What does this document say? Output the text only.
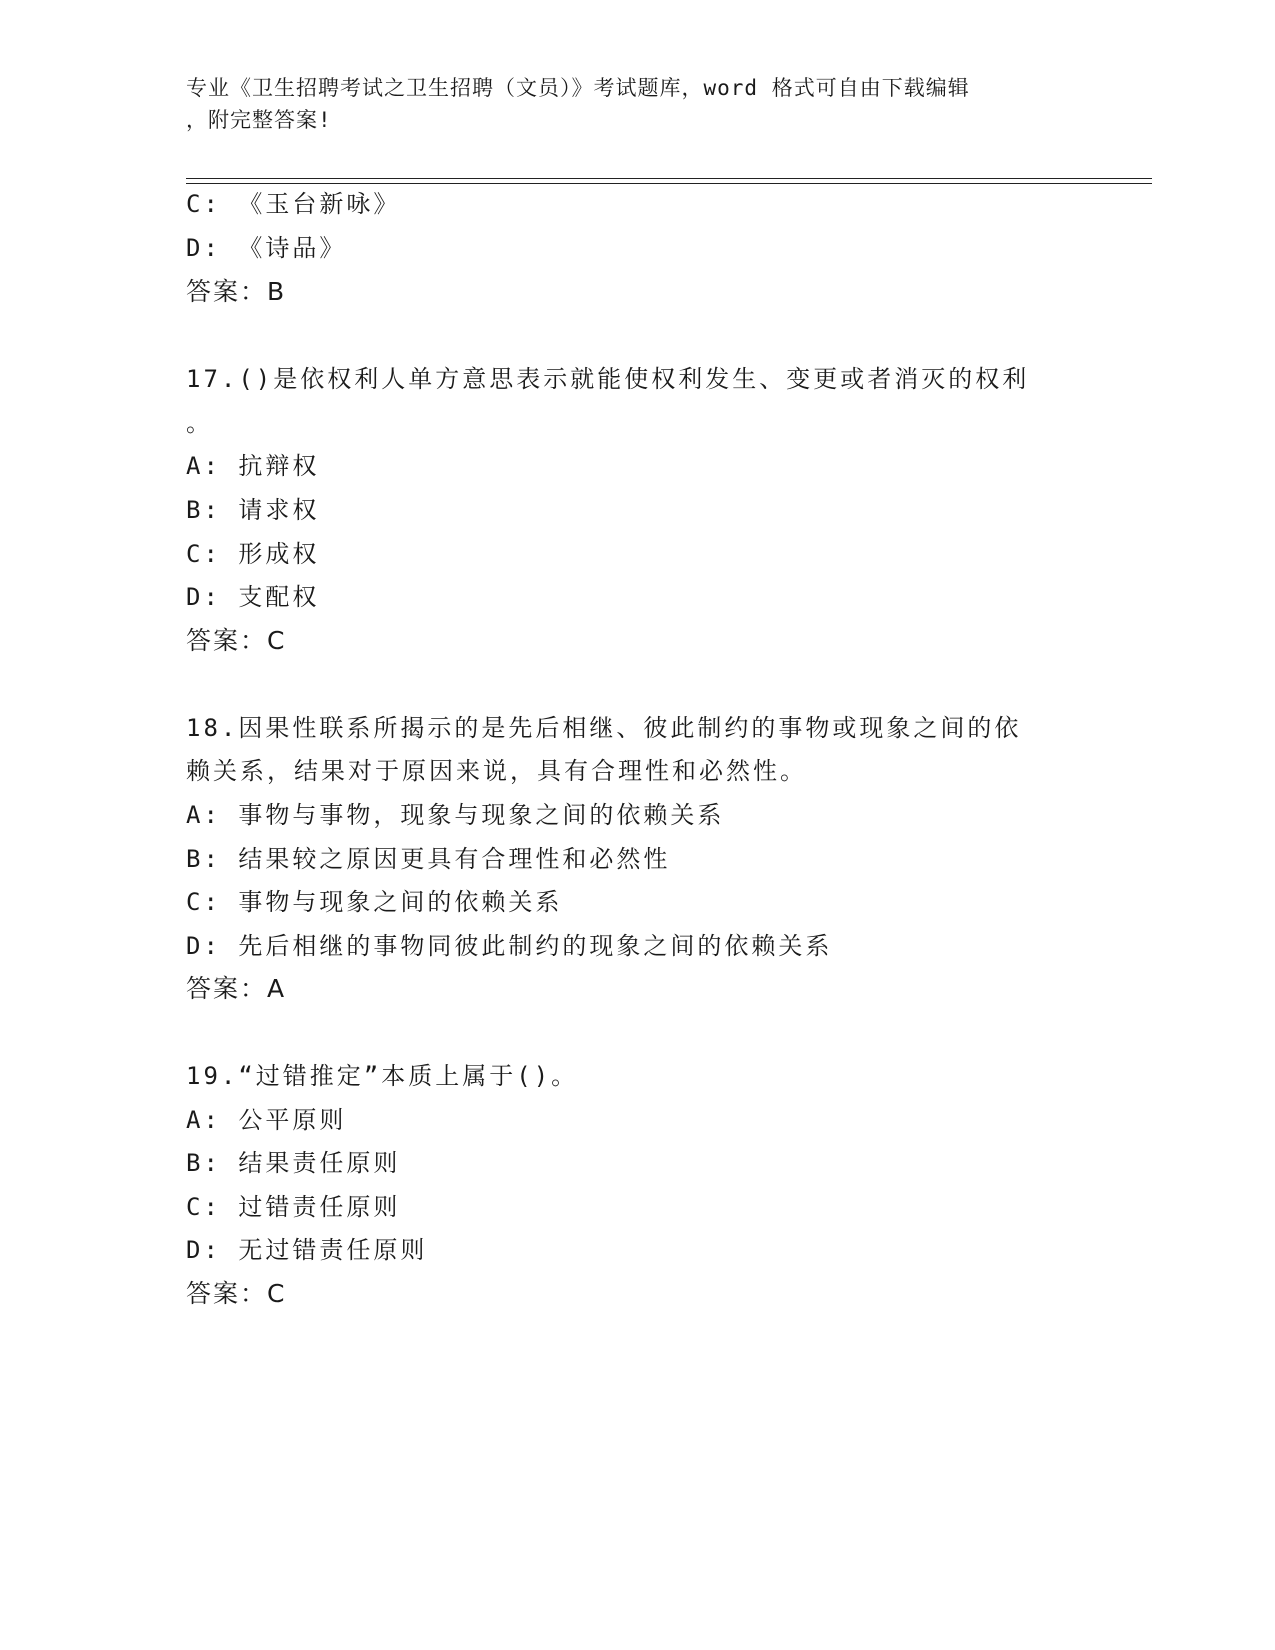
专业《卫生招聘考试之卫生招聘（文员）》考试题库，word 格式可自由下载编辑
，附完整答案!
C: 《玉台新咏》
D: 《诗品》
答案：B
17.()是依权利人单方意思表示就能使权利发生、变更或者消灭的权利
。
A: 抗辩权
B: 请求权
C: 形成权
D: 支配权
答案：C
18.因果性联系所揭示的是先后相继、彼此制约的事物或现象之间的依
赖关系，结果对于原因来说，具有合理性和必然性。
A: 事物与事物，现象与现象之间的依赖关系
B: 结果较之原因更具有合理性和必然性
C: 事物与现象之间的依赖关系
D: 先后相继的事物同彼此制约的现象之间的依赖关系
答案：A
19.“过错推定”本质上属于()。
A: 公平原则
B: 结果责任原则
C: 过错责任原则
D: 无过错责任原则
答案：C
